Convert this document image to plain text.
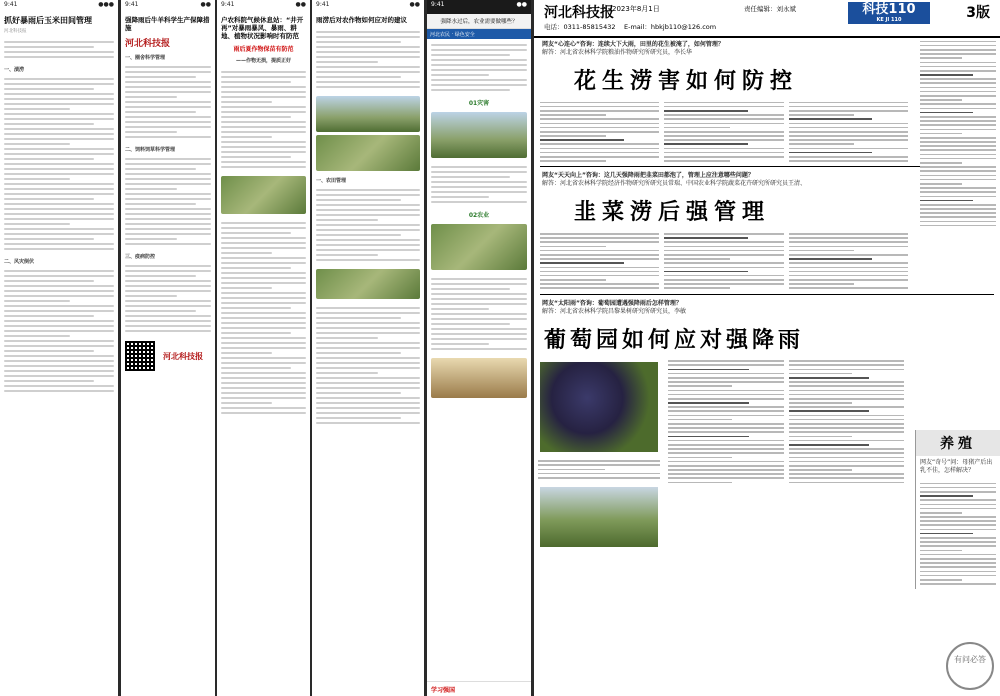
9:41	●●●
抓好暴雨后玉米田间管理
河北科技报
一、渍涝
二、风灾倒伏
9:41	●●
强降雨后牛羊科学生产保障措施
河北科技报
一、圈舍科学管理
二、饲料饲草科学管理
三、疫病防控
河北科技报
9:41	●●
户农科院气候休息站：“井开再”对暴雨暴风、暴雨、耕地、植物状况影响时有防范
雨后夏作物保苗有防范
——作物无损，提质正好
9:41	●●
雨涝后对农作物如何应对的建议
一、农田管理
9:41	●●
强降水过后，农业需要做哪些？
河北农民 · 绿色安全
01灾害
02农业
学习强国
河北科技报
2023年8月1日	责任编辑：刘永斌
电话：0311-85815432 E-mail：hbkjb110@126.com
科技110
KE JI 110	3版
网友“心连心”咨询：连续大下大雨，田里的花生被淹了，如何管理？
解答：河北省农林科学院粮油作物研究所研究员，李长华
花生涝害如何防控
网友“天天向上”咨询：这几天强降雨把韭菜田都泡了，管理上应注意哪些问题？
解答：河北省农林科学院经济作物研究所研究员常瑞、中国农业科学院蔬菜花卉研究所研究员王清、
韭菜涝后强管理
网友“太阳雨”咨询：葡萄园遭遇强降雨后怎样管理？
解答：河北省农林科学院昌黎果树研究所研究员，李敏
葡萄园如何应对强降雨
养殖
网友“奇号”问：母猪产后出乳不佳，怎样解决？
有问必答
